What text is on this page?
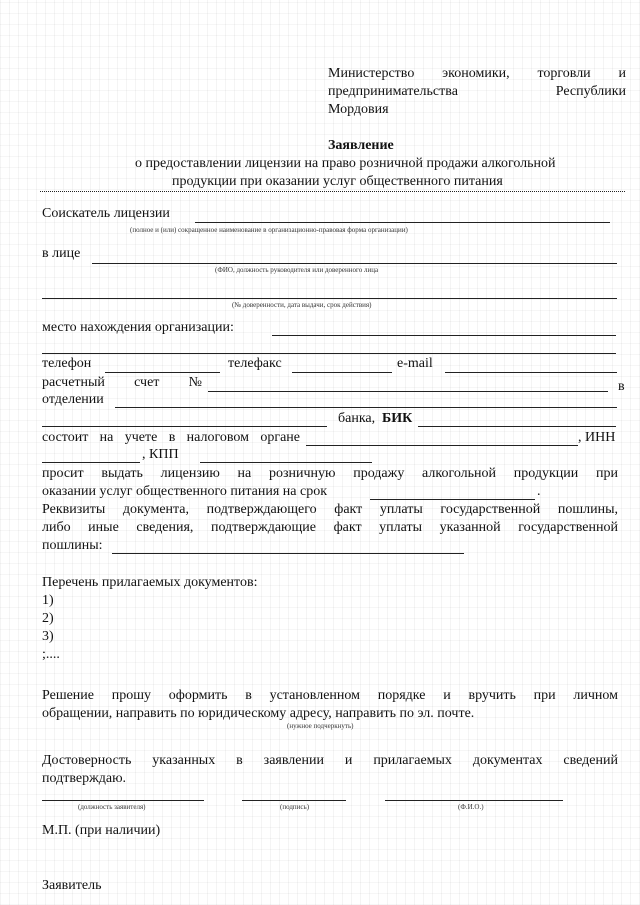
Министерство экономики, торговли и
предпринимательства Республики
Мордовия
Заявление
о предоставлении лицензии на право розничной продажи алкогольной
продукции при оказании услуг общественного питания
Соискатель лицензии
(полное и (или) сокращенное наименование в организационно-правовая форма организации)
в лице
(ФИО, должность руководителя или доверенного лица
(№ доверенности, дата выдачи, срок действия)
место нахождения организации:
телефон	телефакс	e-mail
расчетный счет №	в
отделении
банка, БИК
состоит на учете в налоговом органе	, ИНН
, КПП
просит выдать лицензию на розничную продажу алкогольной продукции при
оказании услуг общественного питания на срок	.
Реквизиты документа, подтверждающего факт уплаты государственной пошлины,
либо иные сведения, подтверждающие факт уплаты указанной государственной
пошлины:
Перечень прилагаемых документов:
1)
2)
3)
;....
Решение прошу оформить в установленном порядке и вручить при личном
обращении, направить по юридическому адресу, направить по эл. почте.
(нужное подчеркнуть)
Достоверность указанных в заявлении и прилагаемых документах сведений
подтверждаю.
(должность заявителя)	(подпись)	(Ф.И.О.)
М.П. (при наличии)
Заявитель
